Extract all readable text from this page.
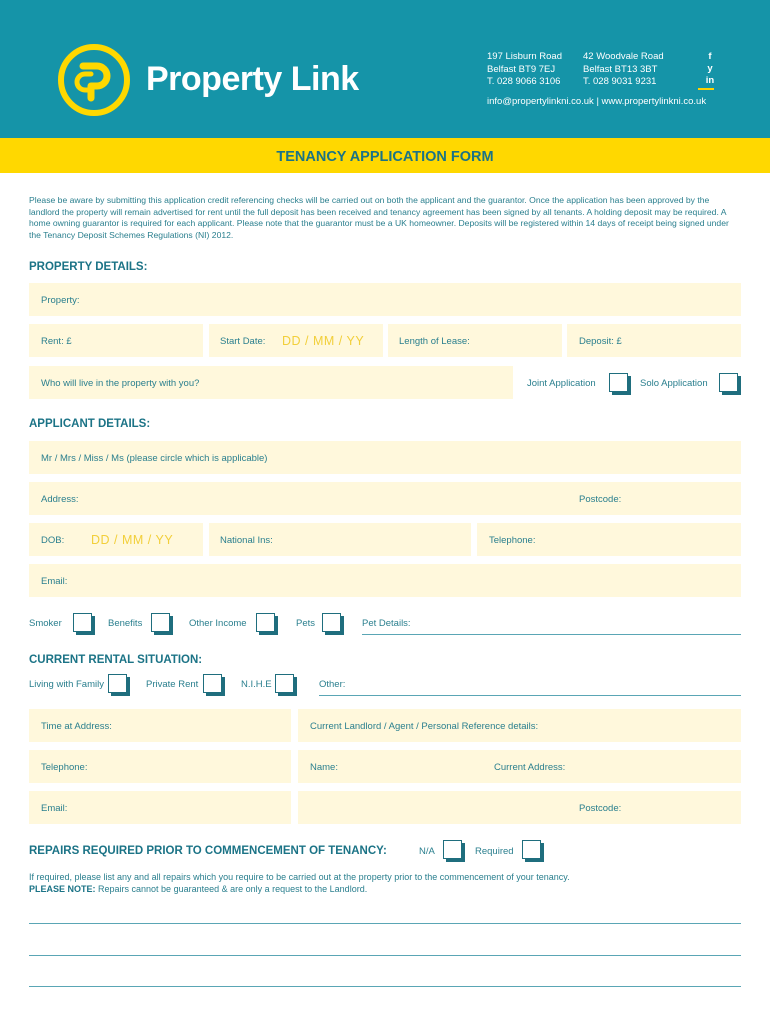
Property Link
197 Lisburn Road
Belfast BT9 7EJ
T. 028 9066 3106
42 Woodvale Road
Belfast BT13 3BT
T. 028 9031 9231
f
y
in
info@propertylinkni.co.uk | www.propertylinkni.co.uk
TENANCY APPLICATION FORM
Please be aware by submitting this application credit referencing checks will be carried out on both the applicant and the guarantor. Once the application has been approved by the landlord the property will remain advertised for rent until the full deposit has been received and tenancy agreement has been signed by all tenants. A holding deposit may be required. A home owning guarantor is required for each applicant. Please note that the guarantor must be a UK homeowner. Deposits will be registered within 14 days of receipt being signed under the Tenancy Deposit Schemes Regulations (NI) 2012.
PROPERTY DETAILS:
Property:
Rent: £	Start Date: DD / MM / YY	Length of Lease:	Deposit: £
Who will live in the property with you?	Joint Application	Solo Application
APPLICANT DETAILS:
Mr / Mrs / Miss / Ms (please circle which is applicable)
Address:	Postcode:
DOB: DD / MM / YY	National Ins:	Telephone:
Email:
Smoker	Benefits	Other Income	Pets	Pet Details:
CURRENT RENTAL SITUATION:
Living with Family	Private Rent	N.I.H.E	Other:
Time at Address:	Current Landlord / Agent / Personal Reference details:
Telephone:	Name:	Current Address:
Email:	Postcode:
REPAIRS REQUIRED PRIOR TO COMMENCEMENT OF TENANCY:	N/A	Required
If required, please list any and all repairs which you require to be carried out at the property prior to the commencement of your tenancy.
PLEASE NOTE: Repairs cannot be guaranteed & are only a request to the Landlord.
